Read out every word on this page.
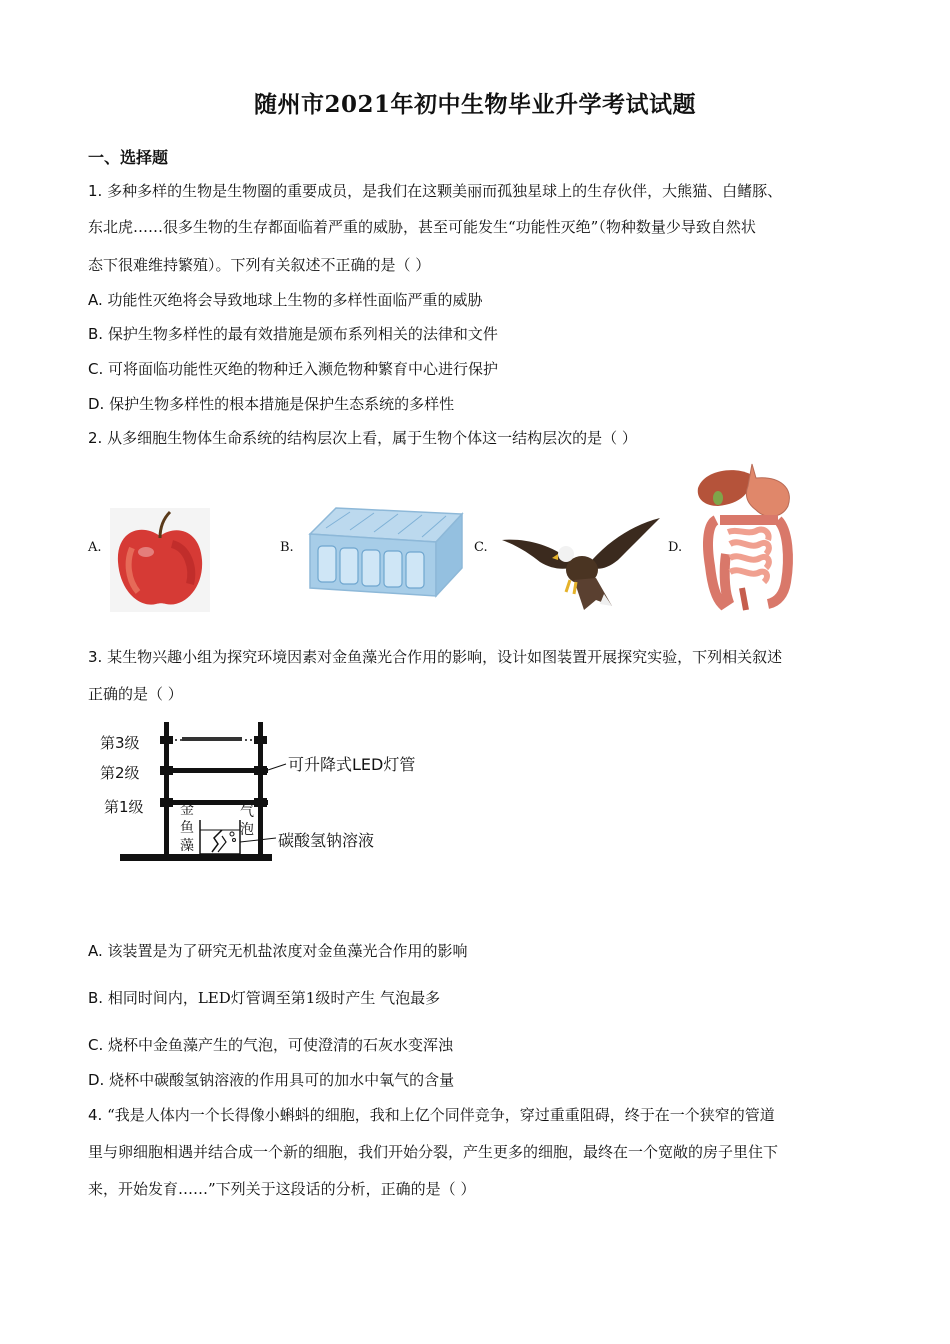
随州市2021年初中生物毕业升学考试试题
一、选择题
1. 多种多样的生物是生物圈的重要成员，是我们在这颗美丽而孤独星球上的生存伙伴，大熊猫、白鳍豚、
东北虎……很多生物的生存都面临着严重的威胁，甚至可能发生“功能性灭绝”（物种数量少导致自然状
态下很难维持繁殖）。下列有关叙述不正确的是（ ）
A. 功能性灭绝将会导致地球上生物的多样性面临严重的威胁
B. 保护生物多样性的最有效措施是颁布系列相关的法律和文件
C. 可将面临功能性灭绝的物种迁入濒危物种繁育中心进行保护
D. 保护生物多样性的根本措施是保护生态系统的多样性
2. 从多细胞生物体生命系统的结构层次上看，属于生物个体这一结构层次的是（ ）
A.	B.	C.	D.
3. 某生物兴趣小组为探究环境因素对金鱼藻光合作用的影响，设计如图装置开展探究实验，下列相关叙述
正确的是（ ）
第3级
第2级
第1级
可升降式LED灯管
碳酸氢钠溶液
金
鱼
藻
气
泡
A. 该装置是为了研究无机盐浓度对金鱼藻光合作用的影响
B. 相同时间内，LED灯管调至第1级时产生 气泡最多
C. 烧杯中金鱼藻产生的气泡，可使澄清的石灰水变浑浊
D. 烧杯中碳酸氢钠溶液的作用具可的加水中氧气的含量
4. “我是人体内一个长得像小蝌蚪的细胞，我和上亿个同伴竞争，穿过重重阻碍，终于在一个狭窄的管道
里与卵细胞相遇并结合成一个新的细胞，我们开始分裂，产生更多的细胞，最终在一个宽敞的房子里住下
来，开始发育……”下列关于这段话的分析，正确的是（ ）
